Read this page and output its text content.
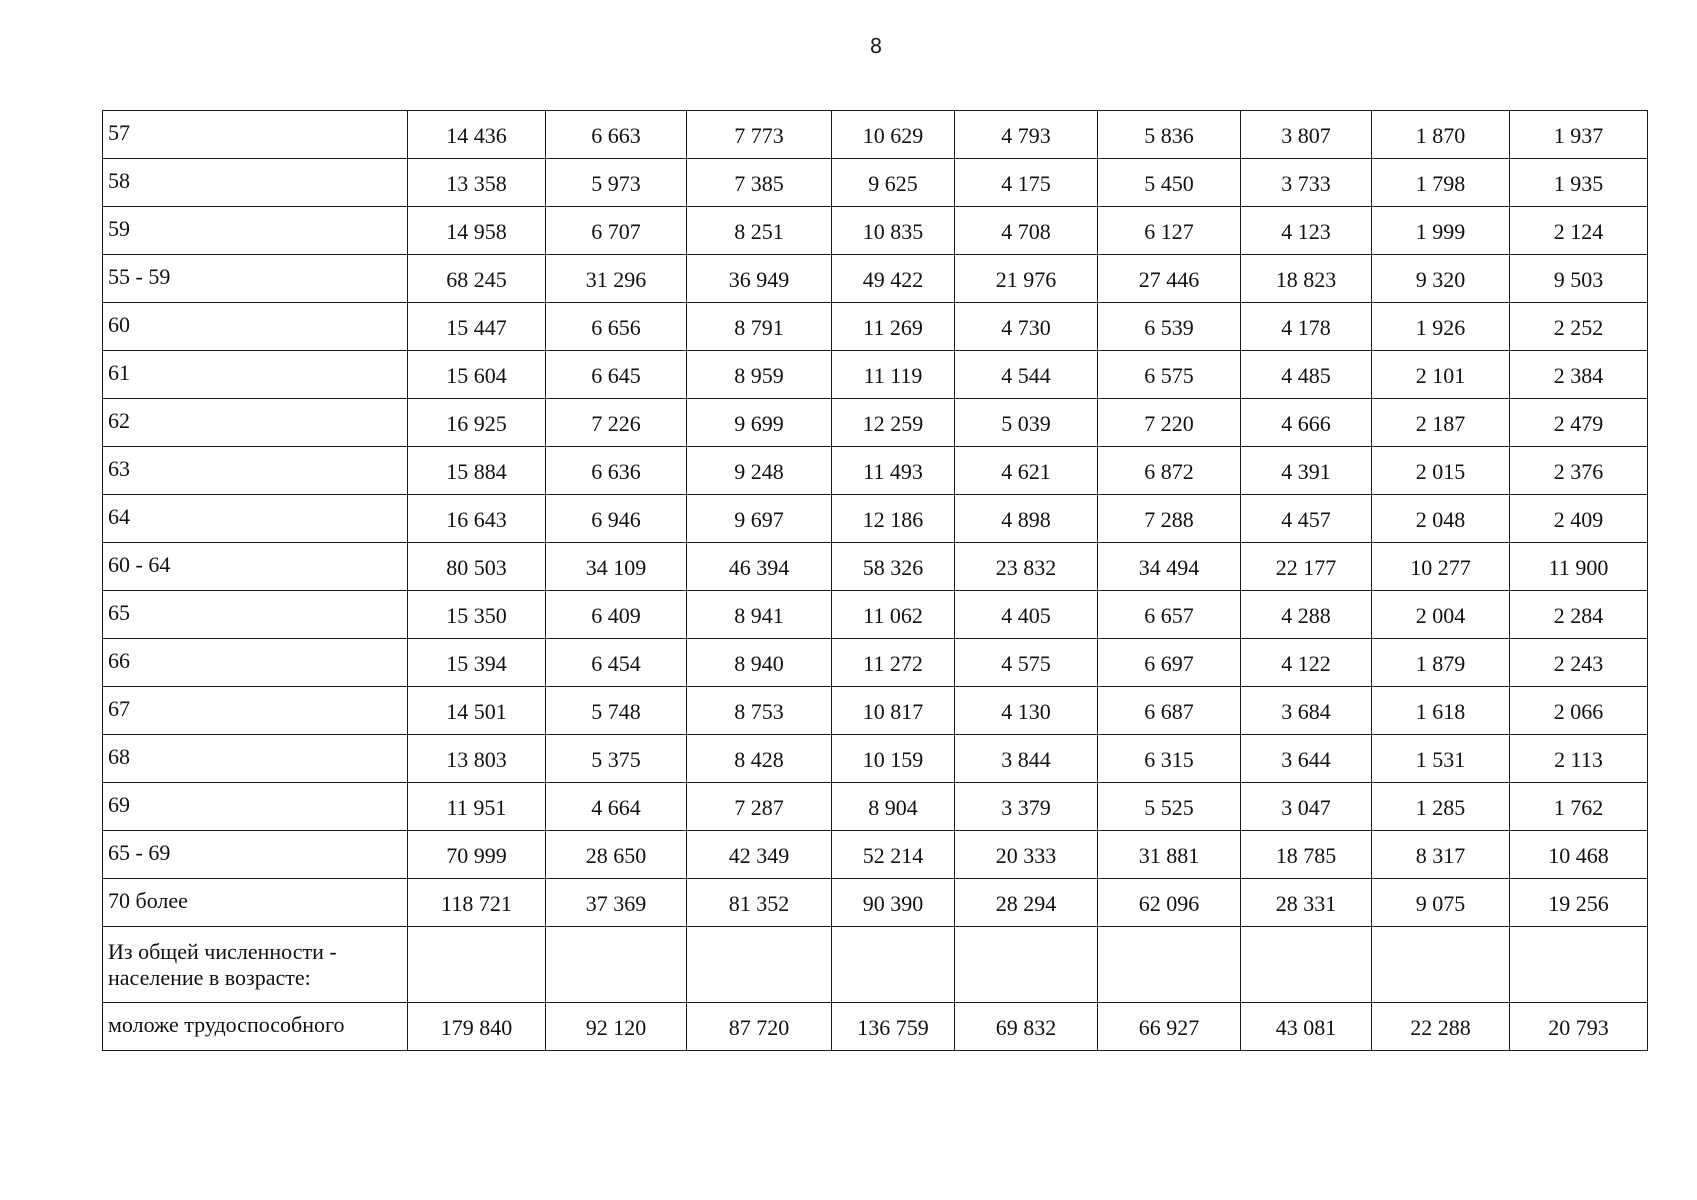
8
57	14 436	6 663	7 773	10 629	4 793	5 836	3 807	1 870	1 937
58	13 358	5 973	7 385	9 625	4 175	5 450	3 733	1 798	1 935
59	14 958	6 707	8 251	10 835	4 708	6 127	4 123	1 999	2 124
55 - 59	68 245	31 296	36 949	49 422	21 976	27 446	18 823	9 320	9 503
60	15 447	6 656	8 791	11 269	4 730	6 539	4 178	1 926	2 252
61	15 604	6 645	8 959	11 119	4 544	6 575	4 485	2 101	2 384
62	16 925	7 226	9 699	12 259	5 039	7 220	4 666	2 187	2 479
63	15 884	6 636	9 248	11 493	4 621	6 872	4 391	2 015	2 376
64	16 643	6 946	9 697	12 186	4 898	7 288	4 457	2 048	2 409
60 - 64	80 503	34 109	46 394	58 326	23 832	34 494	22 177	10 277	11 900
65	15 350	6 409	8 941	11 062	4 405	6 657	4 288	2 004	2 284
66	15 394	6 454	8 940	11 272	4 575	6 697	4 122	1 879	2 243
67	14 501	5 748	8 753	10 817	4 130	6 687	3 684	1 618	2 066
68	13 803	5 375	8 428	10 159	3 844	6 315	3 644	1 531	2 113
69	11 951	4 664	7 287	8 904	3 379	5 525	3 047	1 285	1 762
65 - 69	70 999	28 650	42 349	52 214	20 333	31 881	18 785	8 317	10 468
70 более	118 721	37 369	81 352	90 390	28 294	62 096	28 331	9 075	19 256
Из общей численности - население в возрасте:									
моложе трудоспособного	179 840	92 120	87 720	136 759	69 832	66 927	43 081	22 288	20 793
